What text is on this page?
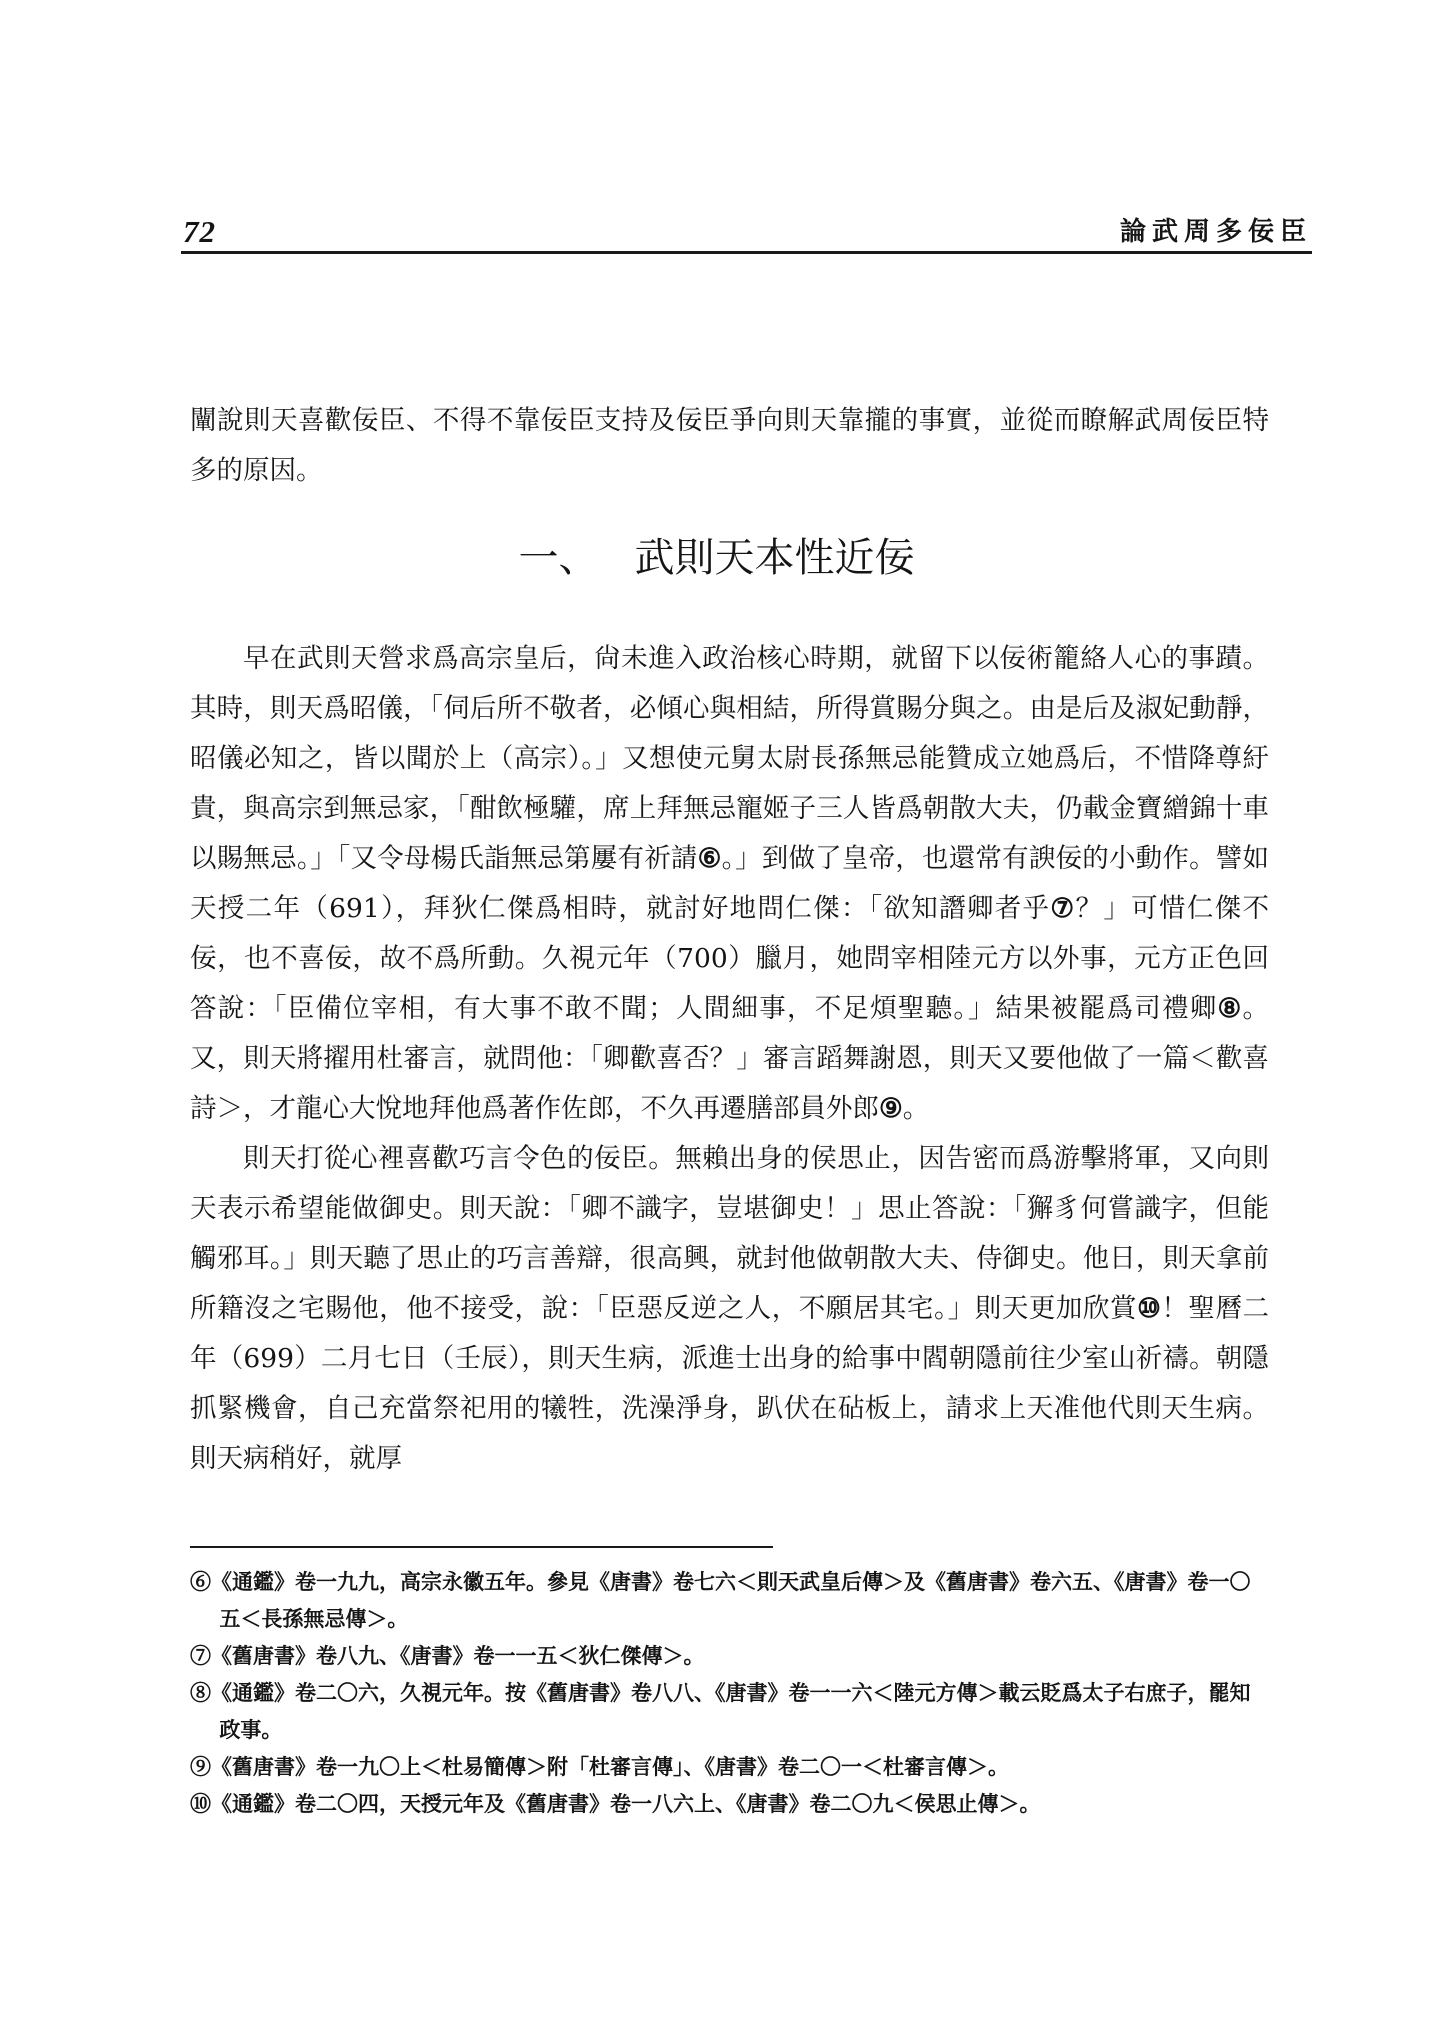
72	論武周多佞臣

闡說則天喜歡佞臣、不得不靠佞臣支持及佞臣爭向則天靠攏的事實，並從而瞭解武周佞臣特多的原因。

一、 武則天本性近佞

早在武則天營求爲高宗皇后，尙未進入政治核心時期，就留下以佞術籠絡人心的事蹟。其時，則天爲昭儀，「伺后所不敬者，必傾心與相結，所得賞賜分與之。由是后及淑妃動靜，昭儀必知之，皆以聞於上（高宗）。」又想使元舅太尉長孫無忌能贊成立她爲后，不惜降尊紆貴，與高宗到無忌家，「酣飲極驩，席上拜無忌寵姬子三人皆爲朝散大夫，仍載金寶繒錦十車以賜無忌。」「又令母楊氏詣無忌第屢有祈請⑥。」到做了皇帝，也還常有諛佞的小動作。譬如天授二年（691），拜狄仁傑爲相時，就討好地問仁傑：「欲知譖卿者乎⑦？」可惜仁傑不佞，也不喜佞，故不爲所動。久視元年（700）臘月，她問宰相陸元方以外事，元方正色回答說：「臣備位宰相，有大事不敢不聞；人間細事，不足煩聖聽。」結果被罷爲司禮卿⑧。又，則天將擢用杜審言，就問他：「卿歡喜否？」審言蹈舞謝恩，則天又要他做了一篇＜歡喜詩＞，才龍心大悅地拜他爲著作佐郎，不久再遷膳部員外郎⑨。

則天打從心裡喜歡巧言令色的佞臣。無賴出身的侯思止，因告密而爲游擊將軍，又向則天表示希望能做御史。則天說：「卿不識字，豈堪御史！」思止答說：「獬豸何嘗識字，但能觸邪耳。」則天聽了思止的巧言善辯，很高興，就封他做朝散大夫、侍御史。他日，則天拿前所籍沒之宅賜他，他不接受，說：「臣惡反逆之人，不願居其宅。」則天更加欣賞⑩！聖曆二年（699）二月七日（壬辰），則天生病，派進士出身的給事中閻朝隱前往少室山祈禱。朝隱抓緊機會，自己充當祭祀用的犧牲，洗澡淨身，趴伏在砧板上，請求上天准他代則天生病。則天病稍好，就厚

⑥《通鑑》卷一九九，高宗永徽五年。參見《唐書》卷七六＜則天武皇后傳＞及《舊唐書》卷六五、《唐書》卷一〇五＜長孫無忌傳＞。

⑦《舊唐書》卷八九、《唐書》卷一一五＜狄仁傑傳＞。

⑧《通鑑》卷二〇六，久視元年。按《舊唐書》卷八八、《唐書》卷一一六＜陸元方傳＞載云貶爲太子右庶子，罷知政事。

⑨《舊唐書》卷一九〇上＜杜易簡傳＞附「杜審言傳」、《唐書》卷二〇一＜杜審言傳＞。

⑩《通鑑》卷二〇四，天授元年及《舊唐書》卷一八六上、《唐書》卷二〇九＜侯思止傳＞。
